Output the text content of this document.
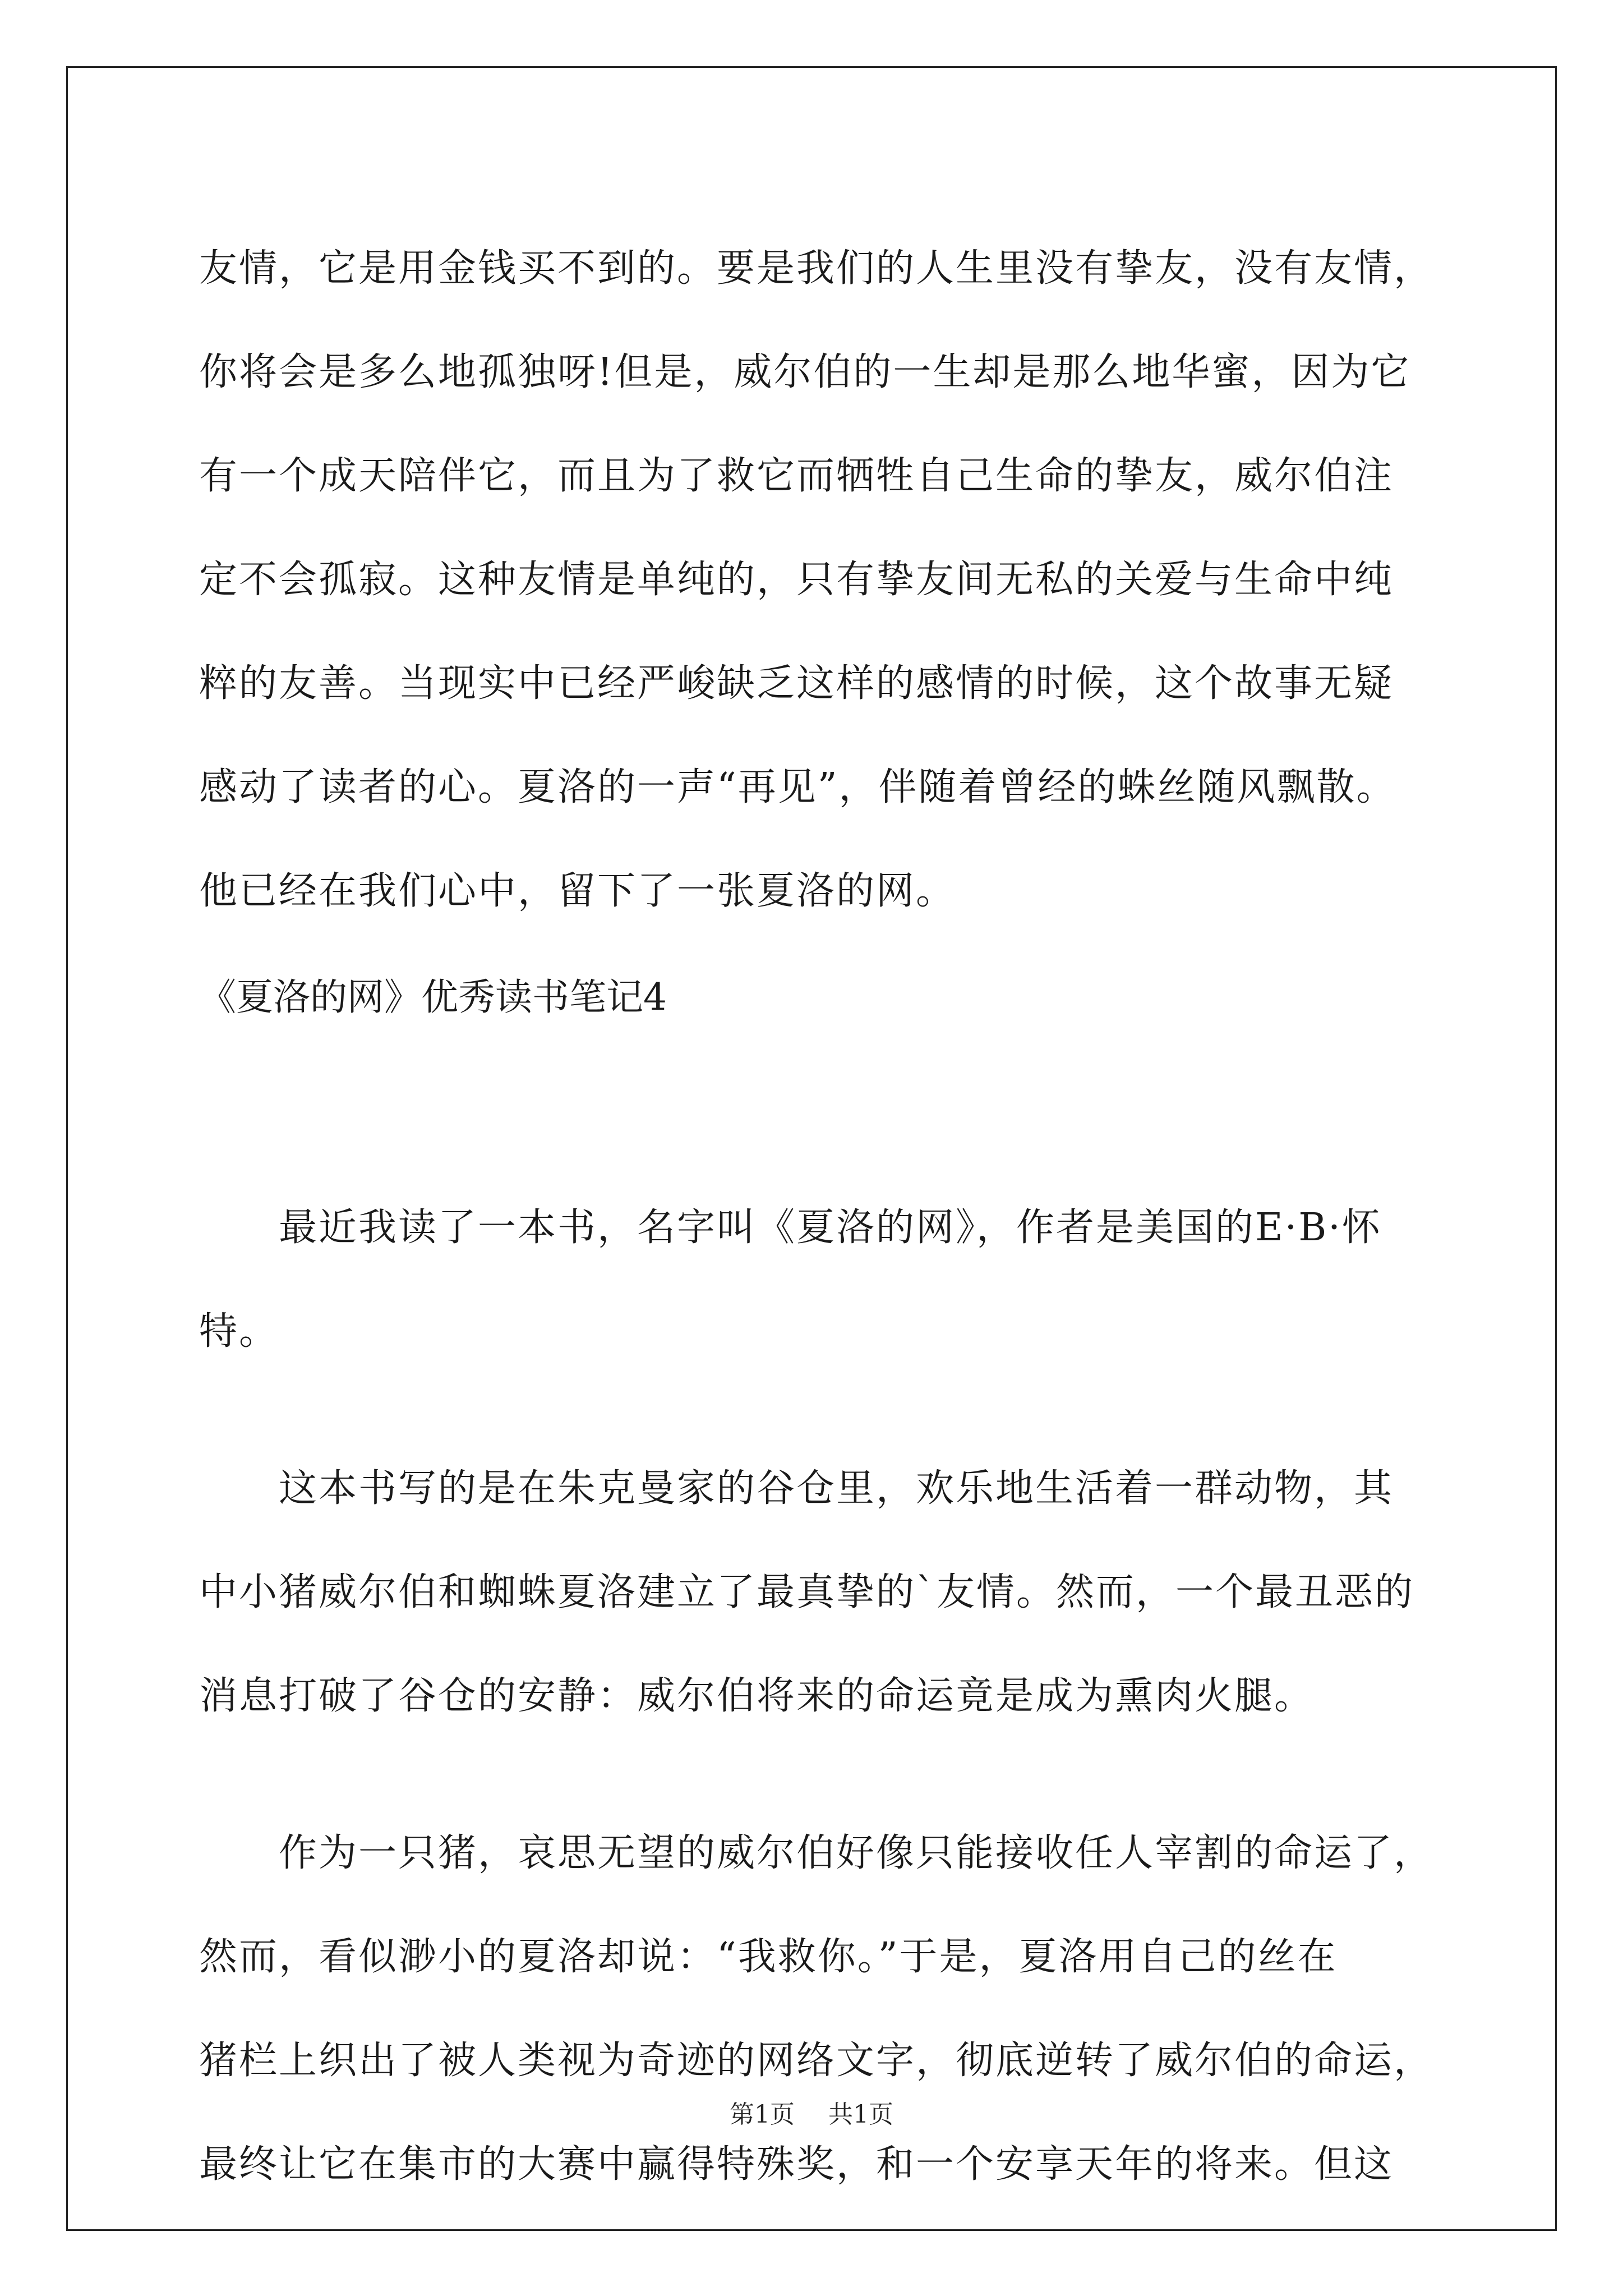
友情，它是用金钱买不到的。要是我们的人生里没有挚友，没有友情，
你将会是多么地孤独呀!但是，威尔伯的一生却是那么地华蜜，因为它
有一个成天陪伴它，而且为了救它而牺牲自己生命的挚友，威尔伯注
定不会孤寂。这种友情是单纯的，只有挚友间无私的关爱与生命中纯
粹的友善。当现实中已经严峻缺乏这样的感情的时候，这个故事无疑
感动了读者的心。夏洛的一声“再见”，伴随着曾经的蛛丝随风飘散。
他已经在我们心中，留下了一张夏洛的网。
《夏洛的网》优秀读书笔记4
　　最近我读了一本书，名字叫《夏洛的网》，作者是美国的E·B·怀
特。
　　这本书写的是在朱克曼家的谷仓里，欢乐地生活着一群动物，其
中小猪威尔伯和蜘蛛夏洛建立了最真挚的`友情。然而，一个最丑恶的
消息打破了谷仓的安静：威尔伯将来的命运竟是成为熏肉火腿。
　　作为一只猪，哀思无望的威尔伯好像只能接收任人宰割的命运了，
然而，看似渺小的夏洛却说：“我救你。”于是，夏洛用自己的丝在
猪栏上织出了被人类视为奇迹的网络文字，彻底逆转了威尔伯的命运，
最终让它在集市的大赛中赢得特殊奖，和一个安享天年的将来。但这
第1页 共1页
